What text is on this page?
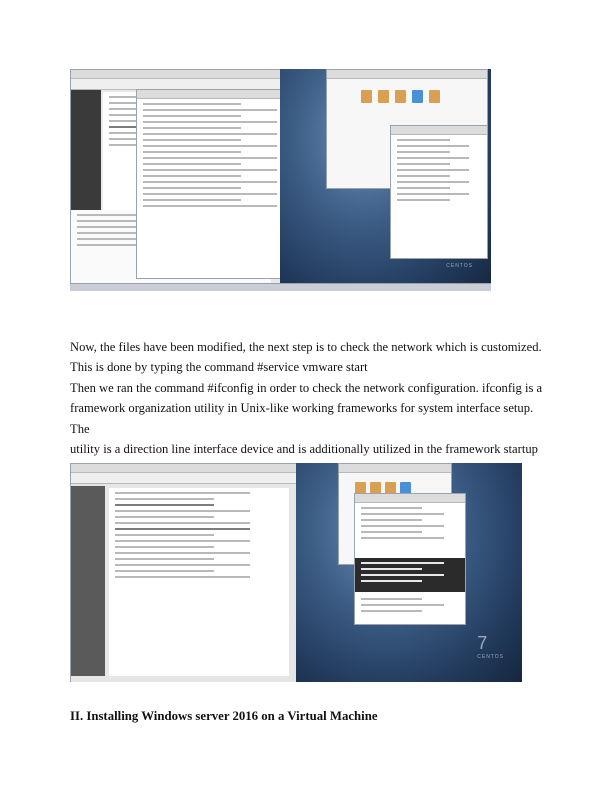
7
CENTOS

Now, the files have been modified, the next step is to check the network which is customized.

This is done by typing the command #service vmware start

Then we ran the command #ifconfig in order to check the network configuration. ifconfig is a

framework organization utility in Unix-like working frameworks for system interface setup. The

utility is a direction line interface device and is additionally utilized in the framework startup

7
CENTOS
II. Installing Windows server 2016 on a Virtual Machine
